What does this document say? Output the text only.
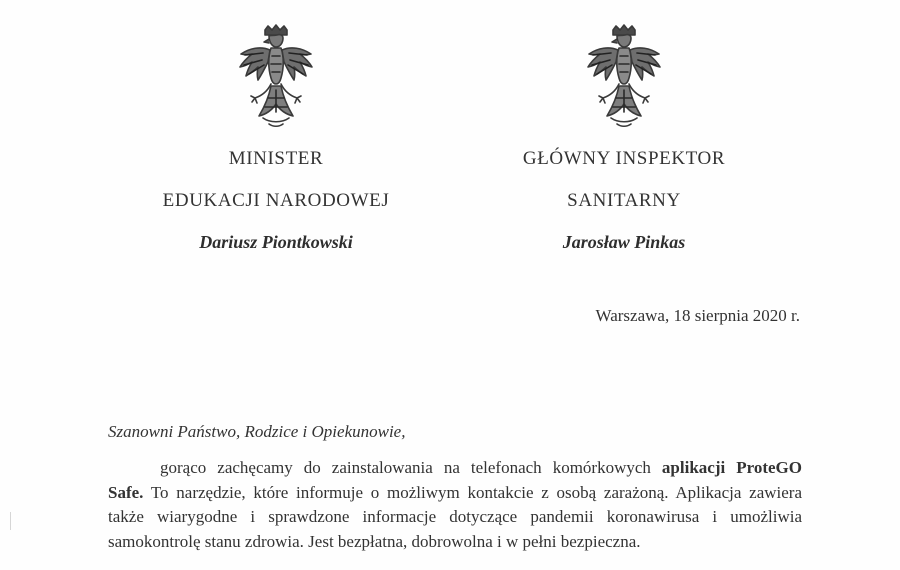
MINISTER
EDUKACJI NARODOWEJ
Dariusz Piontkowski
GŁÓWNY INSPEKTOR
SANITARNY
Jarosław Pinkas
Warszawa, 18 sierpnia 2020 r.
Szanowni Państwo, Rodzice i Opiekunowie,
gorąco zachęcamy do zainstalowania na telefonach komórkowych aplikacji ProteGO
Safe. To narzędzie, które informuje o możliwym kontakcie z osobą zarażoną. Aplikacja zawiera
także wiarygodne i sprawdzone informacje dotyczące pandemii koronawirusa i umożliwia
samokontrolę stanu zdrowia. Jest bezpłatna, dobrowolna i w pełni bezpieczna.
